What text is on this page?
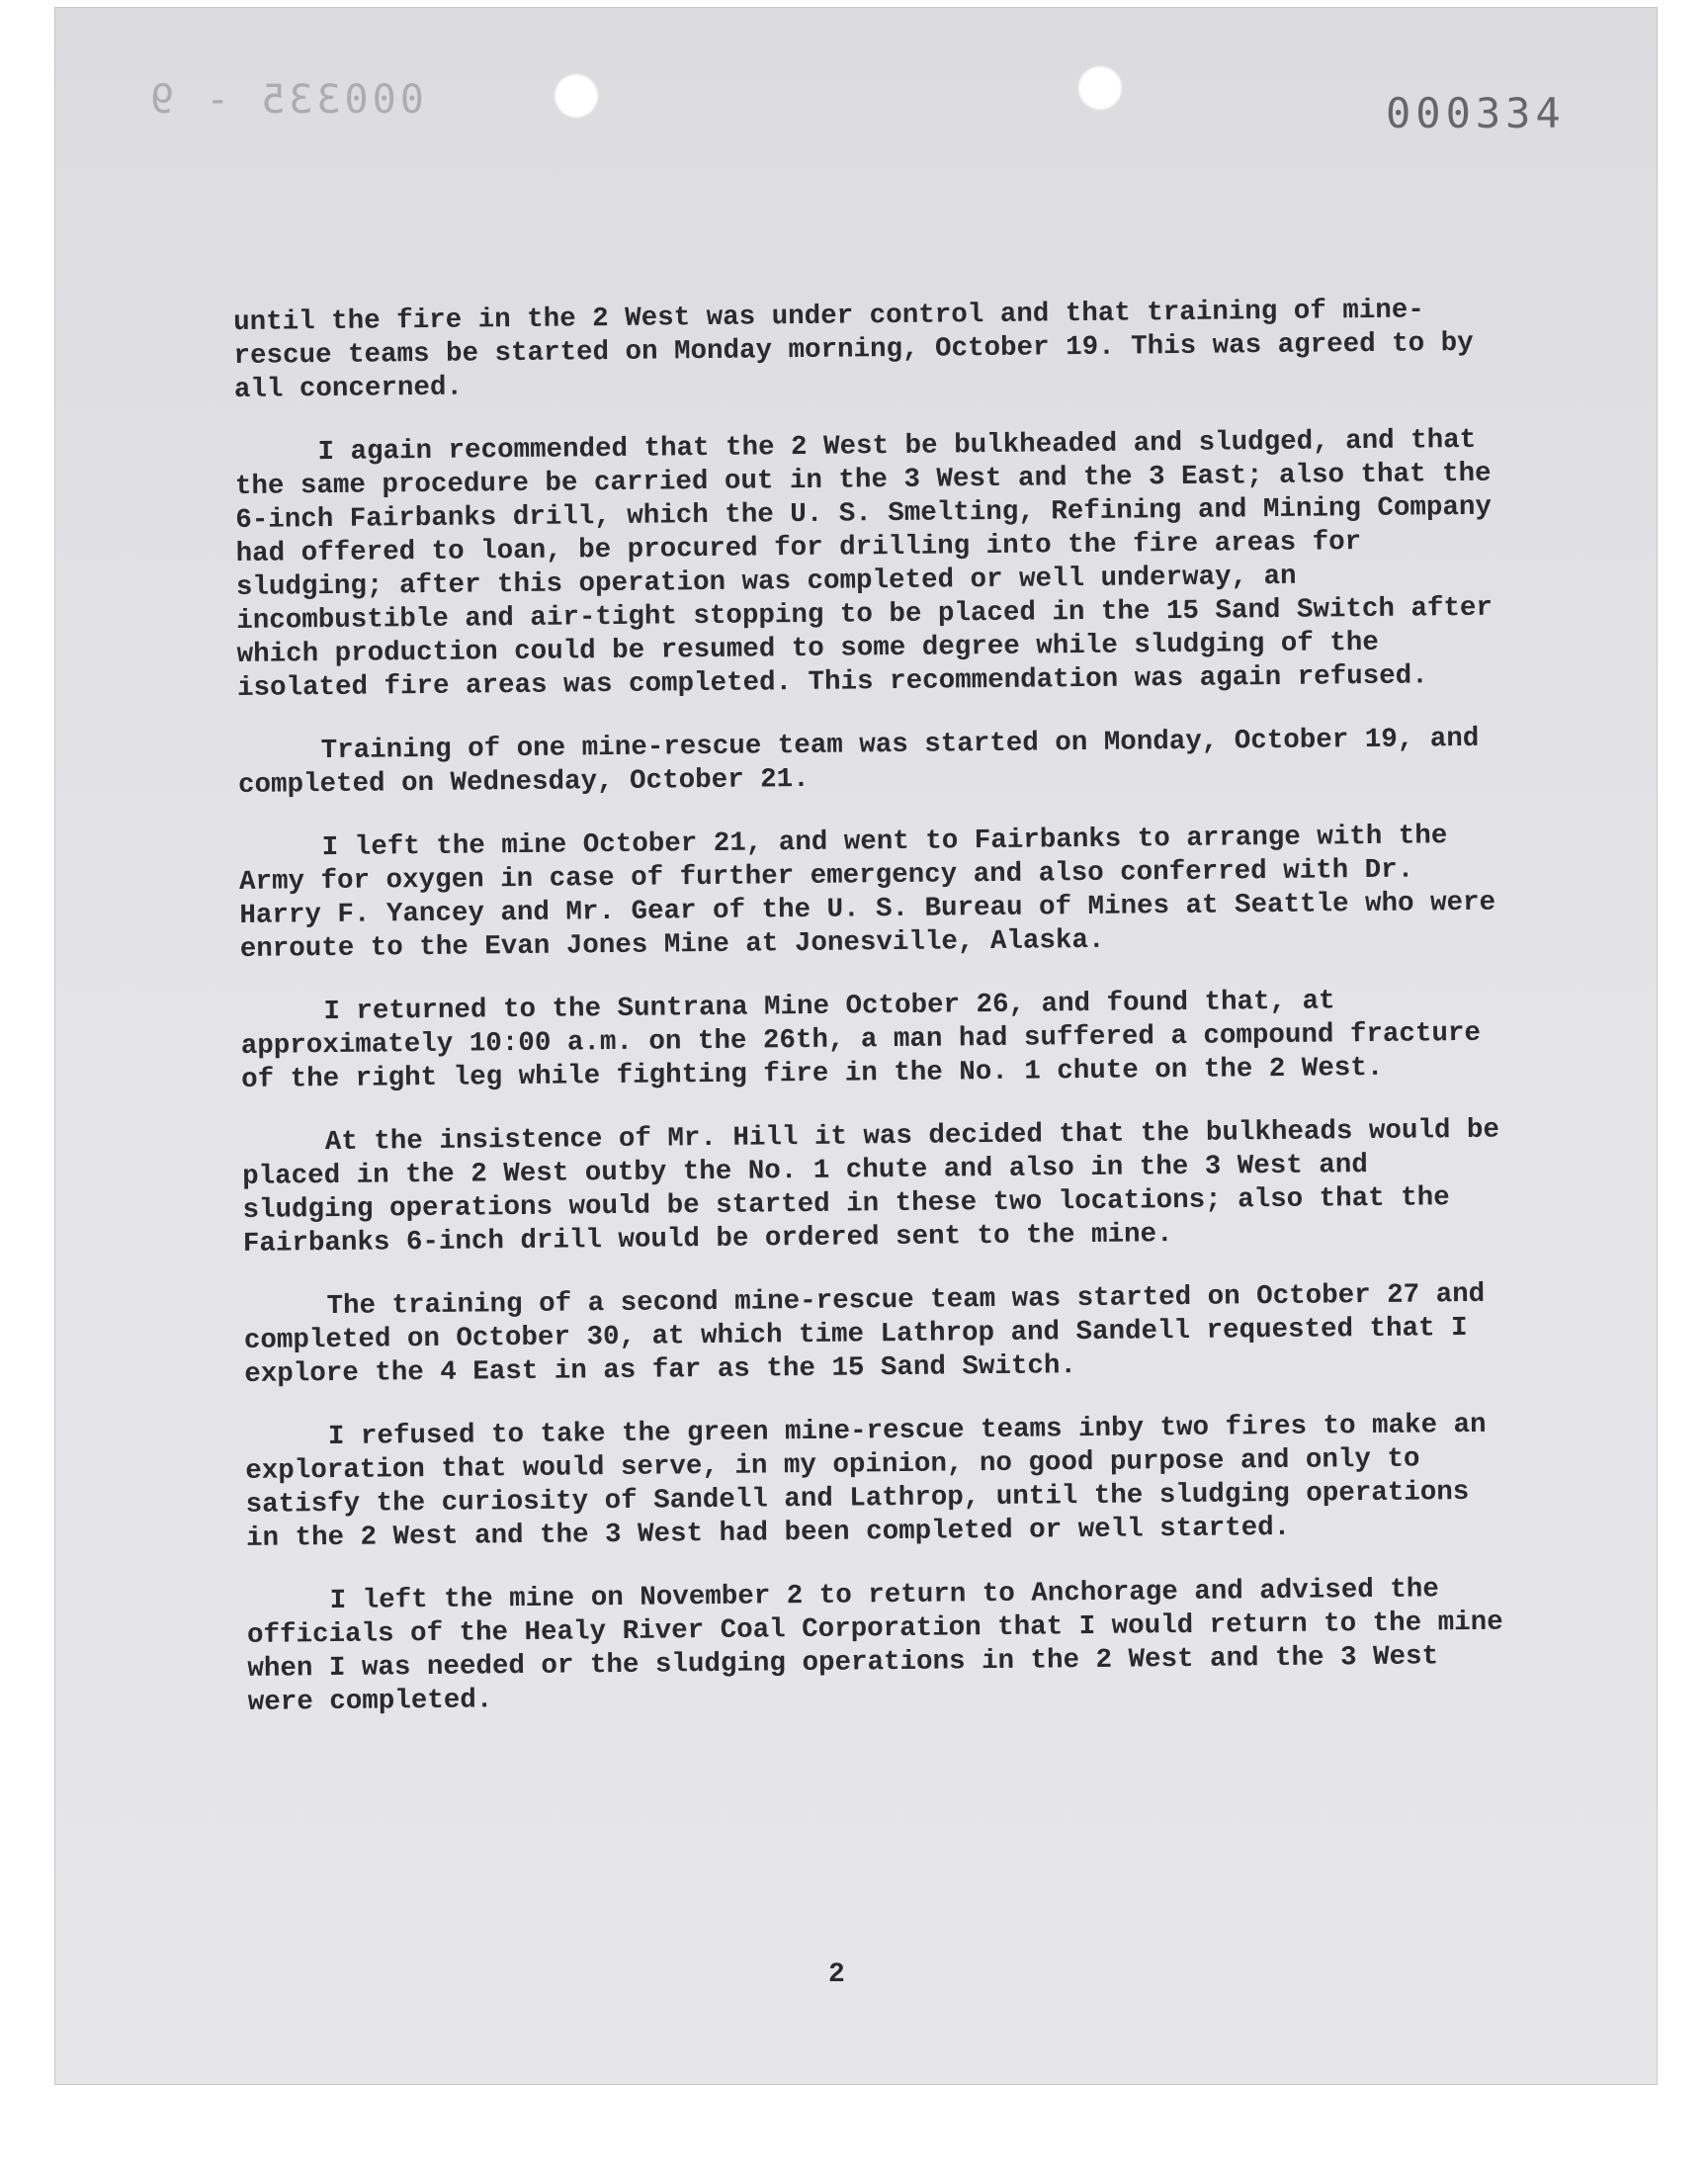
000335 - 9	000334

until the fire in the 2 West was under control and that training of mine-rescue teams be started on Monday morning, October 19. This was agreed to by all concerned.

I again recommended that the 2 West be bulkheaded and sludged, and that the same procedure be carried out in the 3 West and the 3 East; also that the 6-inch Fairbanks drill, which the U. S. Smelting, Refining and Mining Company had offered to loan, be procured for drilling into the fire areas for sludging; after this operation was completed or well underway, an incombustible and air-tight stopping to be placed in the 15 Sand Switch after which production could be resumed to some degree while sludging of the isolated fire areas was completed. This recommendation was again refused.

Training of one mine-rescue team was started on Monday, October 19, and completed on Wednesday, October 21.

I left the mine October 21, and went to Fairbanks to arrange with the Army for oxygen in case of further emergency and also conferred with Dr. Harry F. Yancey and Mr. Gear of the U. S. Bureau of Mines at Seattle who were enroute to the Evan Jones Mine at Jonesville, Alaska.

I returned to the Suntrana Mine October 26, and found that, at approximately 10:00 a.m. on the 26th, a man had suffered a compound fracture of the right leg while fighting fire in the No. 1 chute on the 2 West.

At the insistence of Mr. Hill it was decided that the bulkheads would be placed in the 2 West outby the No. 1 chute and also in the 3 West and sludging operations would be started in these two locations; also that the Fairbanks 6-inch drill would be ordered sent to the mine.

The training of a second mine-rescue team was started on October 27 and completed on October 30, at which time Lathrop and Sandell requested that I explore the 4 East in as far as the 15 Sand Switch.

I refused to take the green mine-rescue teams inby two fires to make an exploration that would serve, in my opinion, no good purpose and only to satisfy the curiosity of Sandell and Lathrop, until the sludging operations in the 2 West and the 3 West had been completed or well started.

I left the mine on November 2 to return to Anchorage and advised the officials of the Healy River Coal Corporation that I would return to the mine when I was needed or the sludging operations in the 2 West and the 3 West were completed.

2
